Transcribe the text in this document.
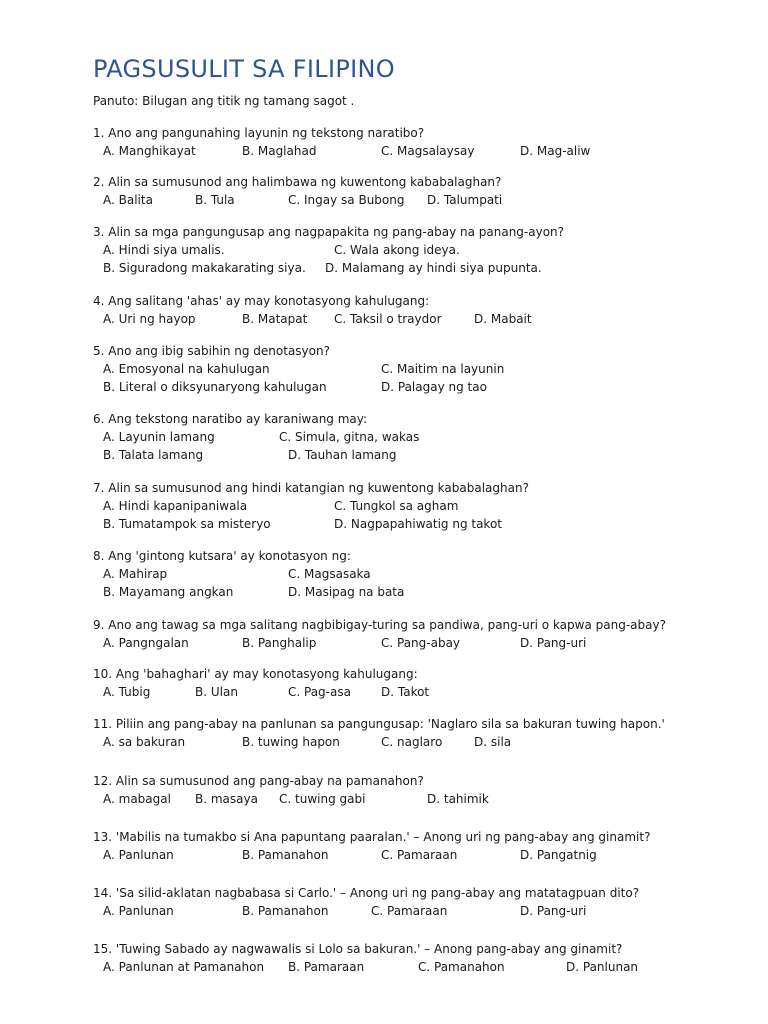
PAGSUSULIT SA FILIPINO
Panuto: Bilugan ang titik ng tamang sagot .
1. Ano ang pangunahing layunin ng tekstong naratibo?
A. Manghikayat	B. Maglahad	C. Magsalaysay	D. Mag-aliw
2. Alin sa sumusunod ang halimbawa ng kuwentong kababalaghan?
A. Balita	B. Tula	C. Ingay sa Bubong D. Talumpati
3. Alin sa mga pangungusap ang nagpapakita ng pang-abay na panang-ayon?
A. Hindi siya umalis.	C. Wala akong ideya.
B. Siguradong makakarating siya. D. Malamang ay hindi siya pupunta.
4. Ang salitang 'ahas' ay may konotasyong kahulugang:
A. Uri ng hayop	B. Matapat C. Taksil o traydor	D. Mabait
5. Ano ang ibig sabihin ng denotasyon?
A. Emosyonal na kahulugan	C. Maitim na layunin
B. Literal o diksyunaryong kahulugan	D. Palagay ng tao
6. Ang tekstong naratibo ay karaniwang may:
A. Layunin lamang	C. Simula, gitna, wakas
B. Talata lamang	D. Tauhan lamang
7. Alin sa sumusunod ang hindi katangian ng kuwentong kababalaghan?
A. Hindi kapanipaniwala	C. Tungkol sa agham
B. Tumatampok sa misteryo	D. Nagpapahiwatig ng takot
8. Ang 'gintong kutsara' ay konotasyon ng:
A. Mahirap	C. Magsasaka
B. Mayamang angkan	D. Masipag na bata
9. Ano ang tawag sa mga salitang nagbibigay-turing sa pandiwa, pang-uri o kapwa pang-abay?
A. Pangngalan	B. Panghalip	C. Pang-abay	D. Pang-uri
10. Ang 'bahaghari' ay may konotasyong kahulugang:
A. Tubig	B. Ulan	C. Pag-asa	D. Takot
11. Piliin ang pang-abay na panlunan sa pangungusap: 'Naglaro sila sa bakuran tuwing hapon.'
A. sa bakuran	B. tuwing hapon	C. naglaro	D. sila
12. Alin sa sumusunod ang pang-abay na pamanahon?
A. mabagal B. masaya C. tuwing gabi	D. tahimik
13. 'Mabilis na tumakbo si Ana papuntang paaralan.' – Anong uri ng pang-abay ang ginamit?
A. Panlunan	B. Pamanahon	C. Pamaraan	D. Pangatnig
14. 'Sa silid-aklatan nagbabasa si Carlo.' – Anong uri ng pang-abay ang matatagpuan dito?
A. Panlunan	B. Pamanahon	C. Pamaraan	D. Pang-uri
15. 'Tuwing Sabado ay nagwawalis si Lolo sa bakuran.' – Anong pang-abay ang ginamit?
A. Panlunan at Pamanahon B. Pamaraan	C. Pamanahon	D. Panlunan
